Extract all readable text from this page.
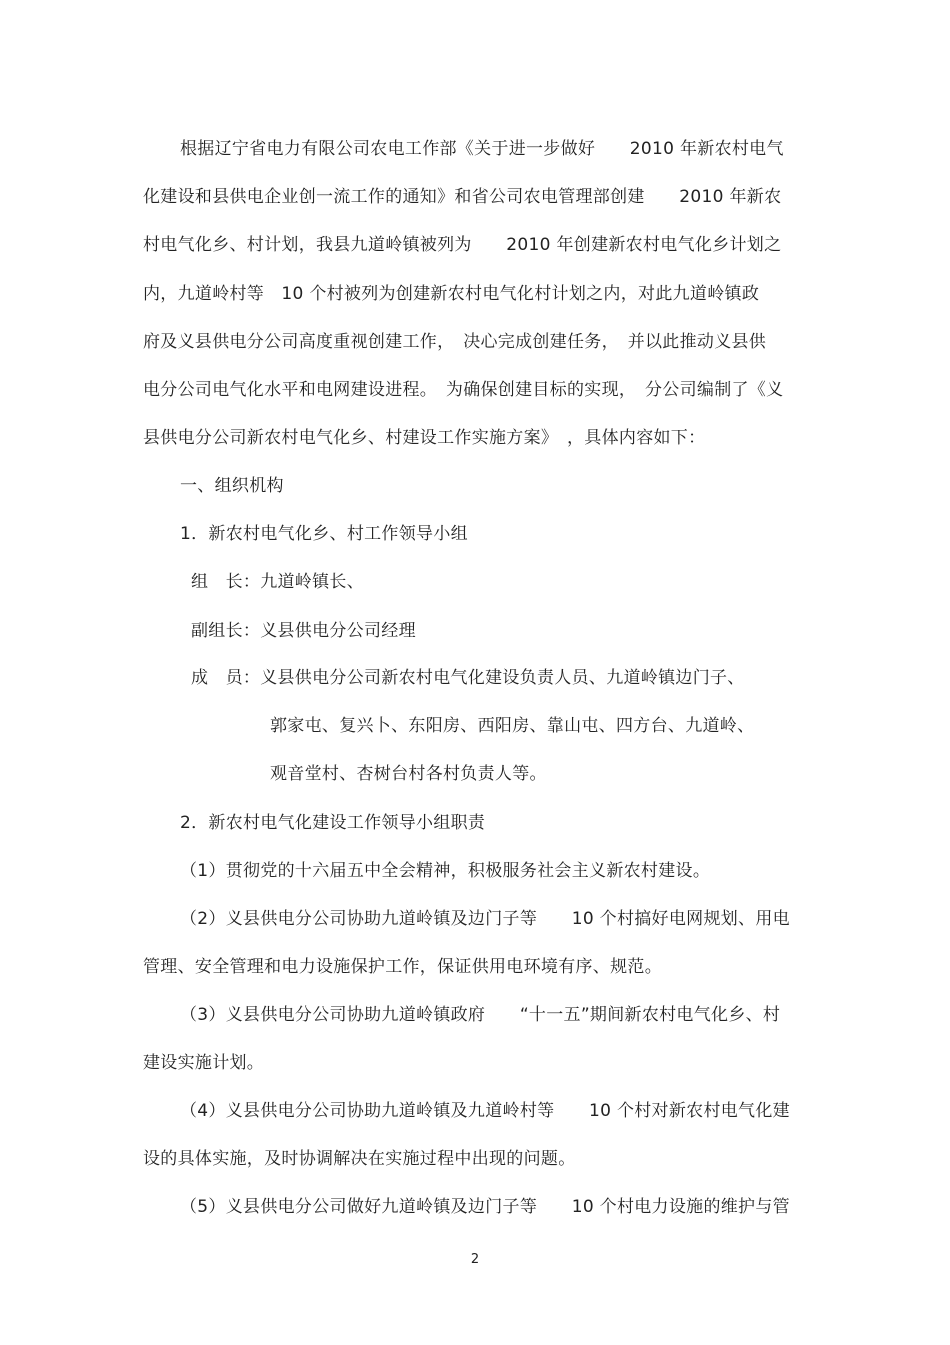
根据辽宁省电力有限公司农电工作部《关于进一步做好　　2010 年新农村电气
化建设和县供电企业创一流工作的通知》和省公司农电管理部创建　　2010 年新农
村电气化乡、村计划，我县九道岭镇被列为　　2010 年创建新农村电气化乡计划之
内，九道岭村等　10 个村被列为创建新农村电气化村计划之内，对此九道岭镇政
府及义县供电分公司高度重视创建工作，　决心完成创建任务，　并以此推动义县供
电分公司电气化水平和电网建设进程。　为确保创建目标的实现，　分公司编制了《义
县供电分公司新农村电气化乡、村建设工作实施方案》　，具体内容如下：
一、组织机构
1．新农村电气化乡、村工作领导小组
组　长：九道岭镇长、
副组长：义县供电分公司经理
成　员：义县供电分公司新农村电气化建设负责人员、九道岭镇边门子、
郭家屯、复兴卜、东阳房、西阳房、靠山屯、四方台、九道岭、
观音堂村、杏树台村各村负责人等。
2．新农村电气化建设工作领导小组职责
（1）贯彻党的十六届五中全会精神，积极服务社会主义新农村建设。
（2）义县供电分公司协助九道岭镇及边门子等　　10 个村搞好电网规划、用电
管理、安全管理和电力设施保护工作，保证供用电环境有序、规范。
（3）义县供电分公司协助九道岭镇政府　　“十一五”期间新农村电气化乡、村
建设实施计划。
（4）义县供电分公司协助九道岭镇及九道岭村等　　10 个村对新农村电气化建
设的具体实施，及时协调解决在实施过程中出现的问题。
（5）义县供电分公司做好九道岭镇及边门子等　　10 个村电力设施的维护与管
2
